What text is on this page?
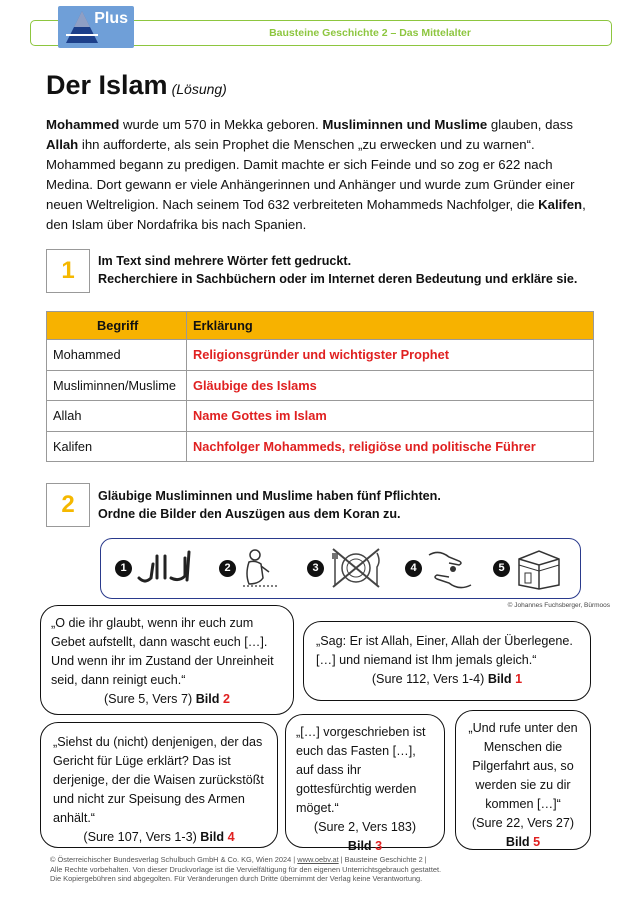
Bausteine Geschichte 2 – Das Mittelalter
Plus
Der Islam (Lösung)
Mohammed wurde um 570 in Mekka geboren. Musliminnen und Muslime glauben, dass Allah ihn aufforderte, als sein Prophet die Menschen „zu erwecken und zu warnen“. Mohammed begann zu predigen. Damit machte er sich Feinde und so zog er 622 nach Medina. Dort gewann er viele Anhängerinnen und Anhänger und wurde zum Gründer einer neuen Weltreligion. Nach seinem Tod 632 verbreiteten Mohammeds Nachfolger, die Kalifen, den Islam über Nordafrika bis nach Spanien.
1	Im Text sind mehrere Wörter fett gedruckt.
Recherchiere in Sachbüchern oder im Internet deren Bedeutung und erkläre sie.
Begriff	Erklärung
Mohammed	Religionsgründer und wichtigster Prophet
Musliminnen/Muslime	Gläubige des Islams
Allah	Name Gottes im Islam
Kalifen	Nachfolger Mohammeds, religiöse und politische Führer
2	Gläubige Musliminnen und Muslime haben fünf Pflichten.
Ordne die Bilder den Auszügen aus dem Koran zu.
1	2	3	4	5
© Johannes Fuchsberger, Bürmoos
„O die ihr glaubt, wenn ihr euch zum Gebet aufstellt, dann wascht euch […]. Und wenn ihr im Zustand der Unreinheit seid, dann reinigt euch.“
(Sure 5, Vers 7) Bild 2
„Sag: Er ist Allah, Einer, Allah der Überlegene. […] und niemand ist Ihm jemals gleich.“
(Sure 112, Vers 1-4) Bild 1
„Siehst du (nicht) denjenigen, der das Gericht für Lüge erklärt? Das ist derjenige, der die Waisen zurückstößt und nicht zur Speisung des Armen anhält.“
(Sure 107, Vers 1-3) Bild 4
„[…] vorgeschrieben ist euch das Fasten […], auf dass ihr gottesfürchtig werden möget.“
(Sure 2, Vers 183)
Bild 3
„Und rufe unter den Menschen die Pilgerfahrt aus, so werden sie zu dir kommen […]“
(Sure 22, Vers 27)
Bild 5
© Österreichischer Bundesverlag Schulbuch GmbH & Co. KG, Wien 2024 | www.oebv.at | Bausteine Geschichte 2 |
Alle Rechte vorbehalten. Von dieser Druckvorlage ist die Vervielfältigung für den eigenen Unterrichtsgebrauch gestattet.
Die Kopiergebühren sind abgegolten. Für Veränderungen durch Dritte übernimmt der Verlag keine Verantwortung.
